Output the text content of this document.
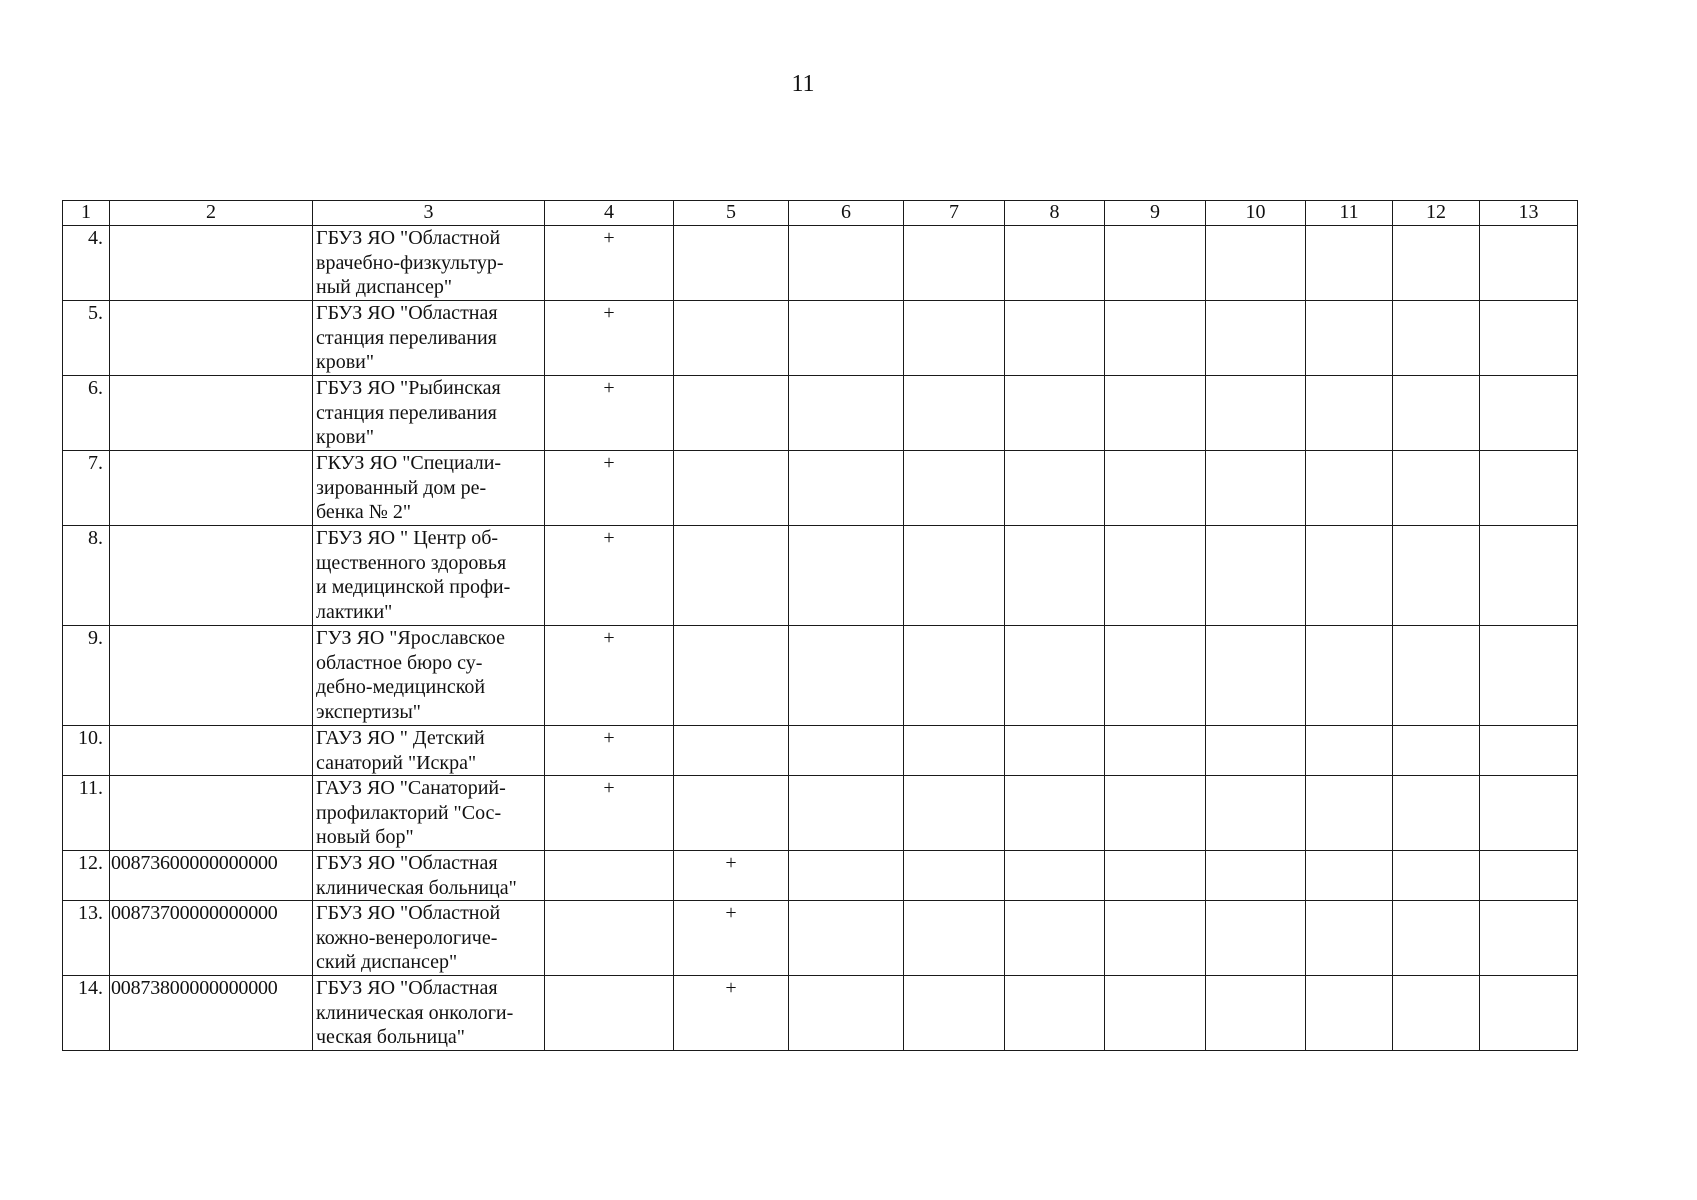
11
1	2	3	4	5	6	7	8	9	10	11	12	13
4.		ГБУЗ ЯО "Областной
врачебно-физкультур-
ный диспансер"	+									
5.		ГБУЗ ЯО "Областная
станция переливания
крови"	+									
6.		ГБУЗ ЯО "Рыбинская
станция переливания
крови"	+									
7.		ГКУЗ ЯО "Специали-
зированный дом ре-
бенка № 2"	+									
8.		ГБУЗ ЯО " Центр об-
щественного здоровья
и медицинской профи-
лактики"	+									
9.		ГУЗ ЯО "Ярославское
областное бюро су-
дебно-медицинской
экспертизы"	+									
10.		ГАУЗ ЯО " Детский
санаторий "Искра"	+									
11.		ГАУЗ ЯО "Санаторий-
профилакторий "Сос-
новый бор"	+									
12.	00873600000000000	ГБУЗ ЯО "Областная
клиническая больница"		+								
13.	00873700000000000	ГБУЗ ЯО "Областной
кожно-венерологиче-
ский диспансер"		+								
14.	00873800000000000	ГБУЗ ЯО "Областная
клиническая онкологи-
ческая больница"		+								
